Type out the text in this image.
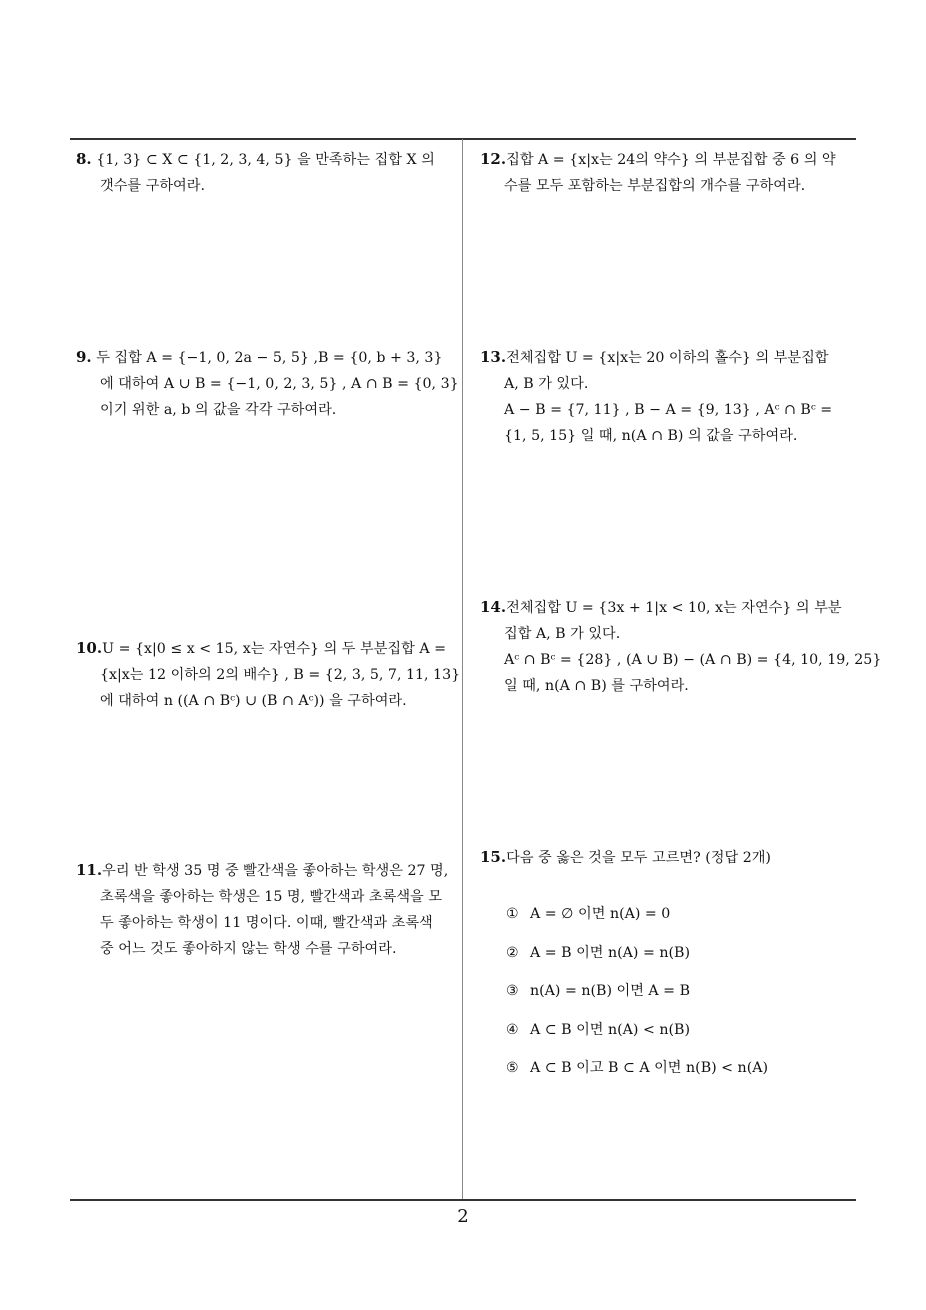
8. {1, 3} ⊂ X ⊂ {1, 2, 3, 4, 5} 을 만족하는 집합 X 의
갯수를 구하여라.
9. 두 집합 A = {−1, 0, 2a − 5, 5} ,B = {0, b + 3, 3}
에 대하여 A ∪ B = {−1, 0, 2, 3, 5} , A ∩ B = {0, 3}
이기 위한 a, b 의 값을 각각 구하여라.
10.U = {x|0 ≤ x < 15, x는 자연수} 의 두 부분집합 A =
{x|x는 12 이하의 2의 배수} , B = {2, 3, 5, 7, 11, 13}
에 대하여 n ((A ∩ Bᶜ) ∪ (B ∩ Aᶜ)) 을 구하여라.
11.우리 반 학생 35 명 중 빨간색을 좋아하는 학생은 27 명,
초록색을 좋아하는 학생은 15 명, 빨간색과 초록색을 모
두 좋아하는 학생이 11 명이다. 이때, 빨간색과 초록색
중 어느 것도 좋아하지 않는 학생 수를 구하여라.
12.집합 A = {x|x는 24의 약수} 의 부분집합 중 6 의 약
수를 모두 포함하는 부분집합의 개수를 구하여라.
13.전체집합 U = {x|x는 20 이하의 홀수} 의 부분집합
A, B 가 있다.
A − B = {7, 11} , B − A = {9, 13} , Aᶜ ∩ Bᶜ =
{1, 5, 15} 일 때, n(A ∩ B) 의 값을 구하여라.
14.전체집합 U = {3x + 1|x < 10, x는 자연수} 의 부분
집합 A, B 가 있다.
Aᶜ ∩ Bᶜ = {28} , (A ∪ B) − (A ∩ B) = {4, 10, 19, 25}
일 때, n(A ∩ B) 를 구하여라.
15.다음 중 옳은 것을 모두 고르면? (정답 2개)
① A = ∅ 이면 n(A) = 0
② A = B 이면 n(A) = n(B)
③ n(A) = n(B) 이면 A = B
④ A ⊂ B 이면 n(A) < n(B)
⑤ A ⊂ B 이고 B ⊂ A 이면 n(B) < n(A)
2
